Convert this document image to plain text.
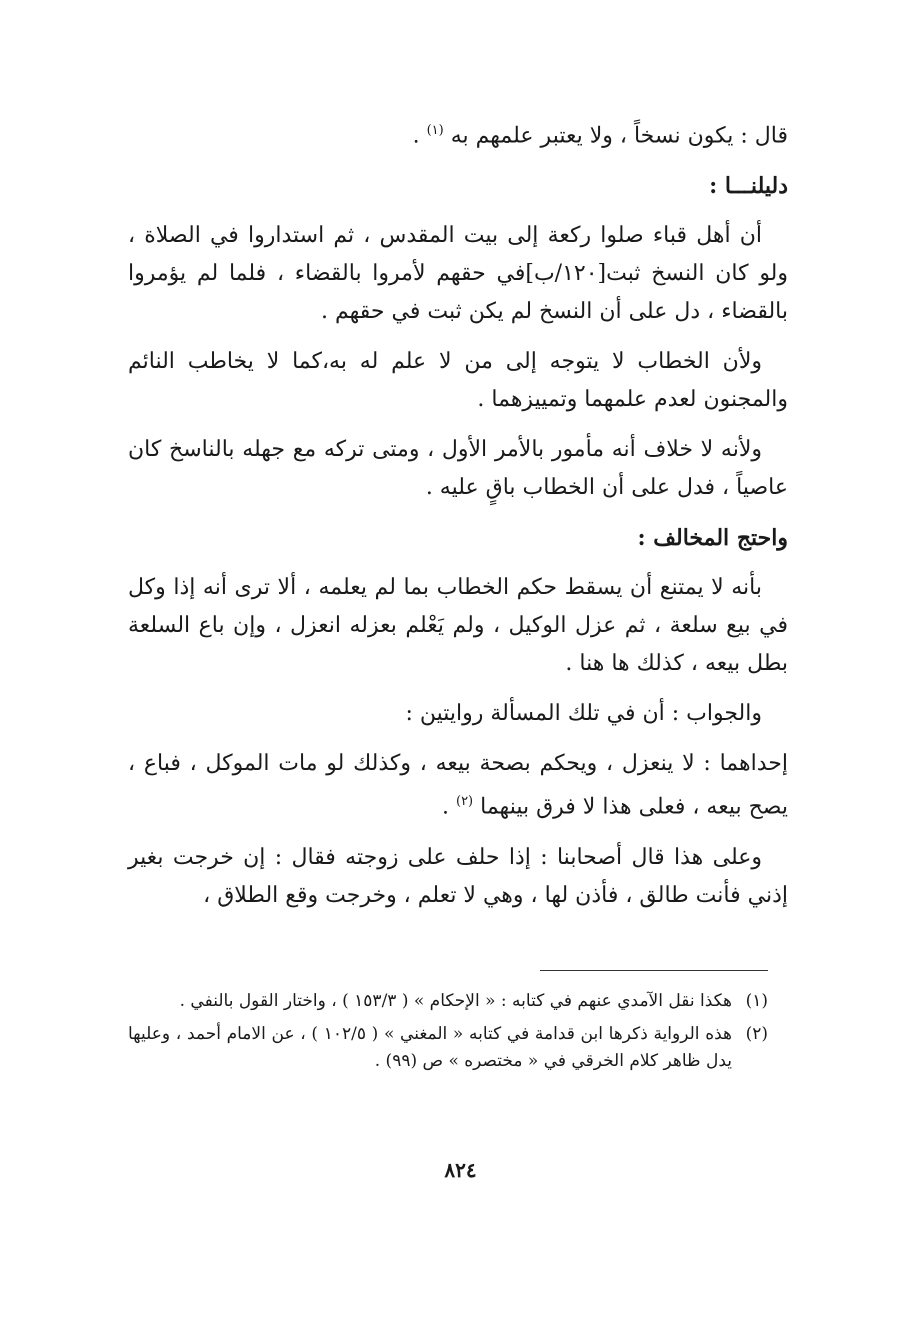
قال : يكون نسخاً ، ولا يعتبر علمهم به $^{(١)}$ .

دليلنـــا :

أن أهل قباء صلوا ركعة إلى بيت المقدس ، ثم استداروا في الصلاة ، ولو كان النسخ ثبت[١٢٠/ب]في حقهم لأمروا بالقضاء ، فلما لم يؤمروا بالقضاء ، دل على أن النسخ لم يكن ثبت في حقهم .

ولأن الخطاب لا يتوجه إلى من لا علم له به،كما لا يخاطب النائم والمجنون لعدم علمهما وتمييزهما .

ولأنه لا خلاف أنه مأمور بالأمر الأول ، ومتى تركه مع جهله بالناسخ كان عاصياً ، فدل على أن الخطاب باقٍ عليه .

واحتج المخالف :

بأنه لا يمتنع أن يسقط حكم الخطاب بما لم يعلمه ، ألا ترى أنه إذا وكل في بيع سلعة ، ثم عزل الوكيل ، ولم يَعْلم بعزله انعزل ، وإن باع السلعة بطل بيعه ، كذلك ها هنا .

والجواب : أن في تلك المسألة روايتين :

إحداهما : لا ينعزل ، ويحكم بصحة بيعه ، وكذلك لو مات الموكل ، فباع ، يصح بيعه ، فعلى هذا لا فرق بينهما $^{(٢)}$ .

وعلى هذا قال أصحابنا : إذا حلف على زوجته فقال : إن خرجت بغير إذني فأنت طالق ، فأذن لها ، وهي لا تعلم ، وخرجت وقع الطلاق ،

(١)
هكذا نقل الآمدي عنهم في كتابه : « الإحكام » ( ١٥٣/٣ ) ، واختار القول بالنفي .
(٢)
هذه الرواية ذكرها ابن قدامة في كتابه « المغني » ( ١٠٢/٥ ) ، عن الامام أحمد ، وعليها يدل ظاهر كلام الخرقي في « مختصره » ص (٩٩) .
٨٢٤
